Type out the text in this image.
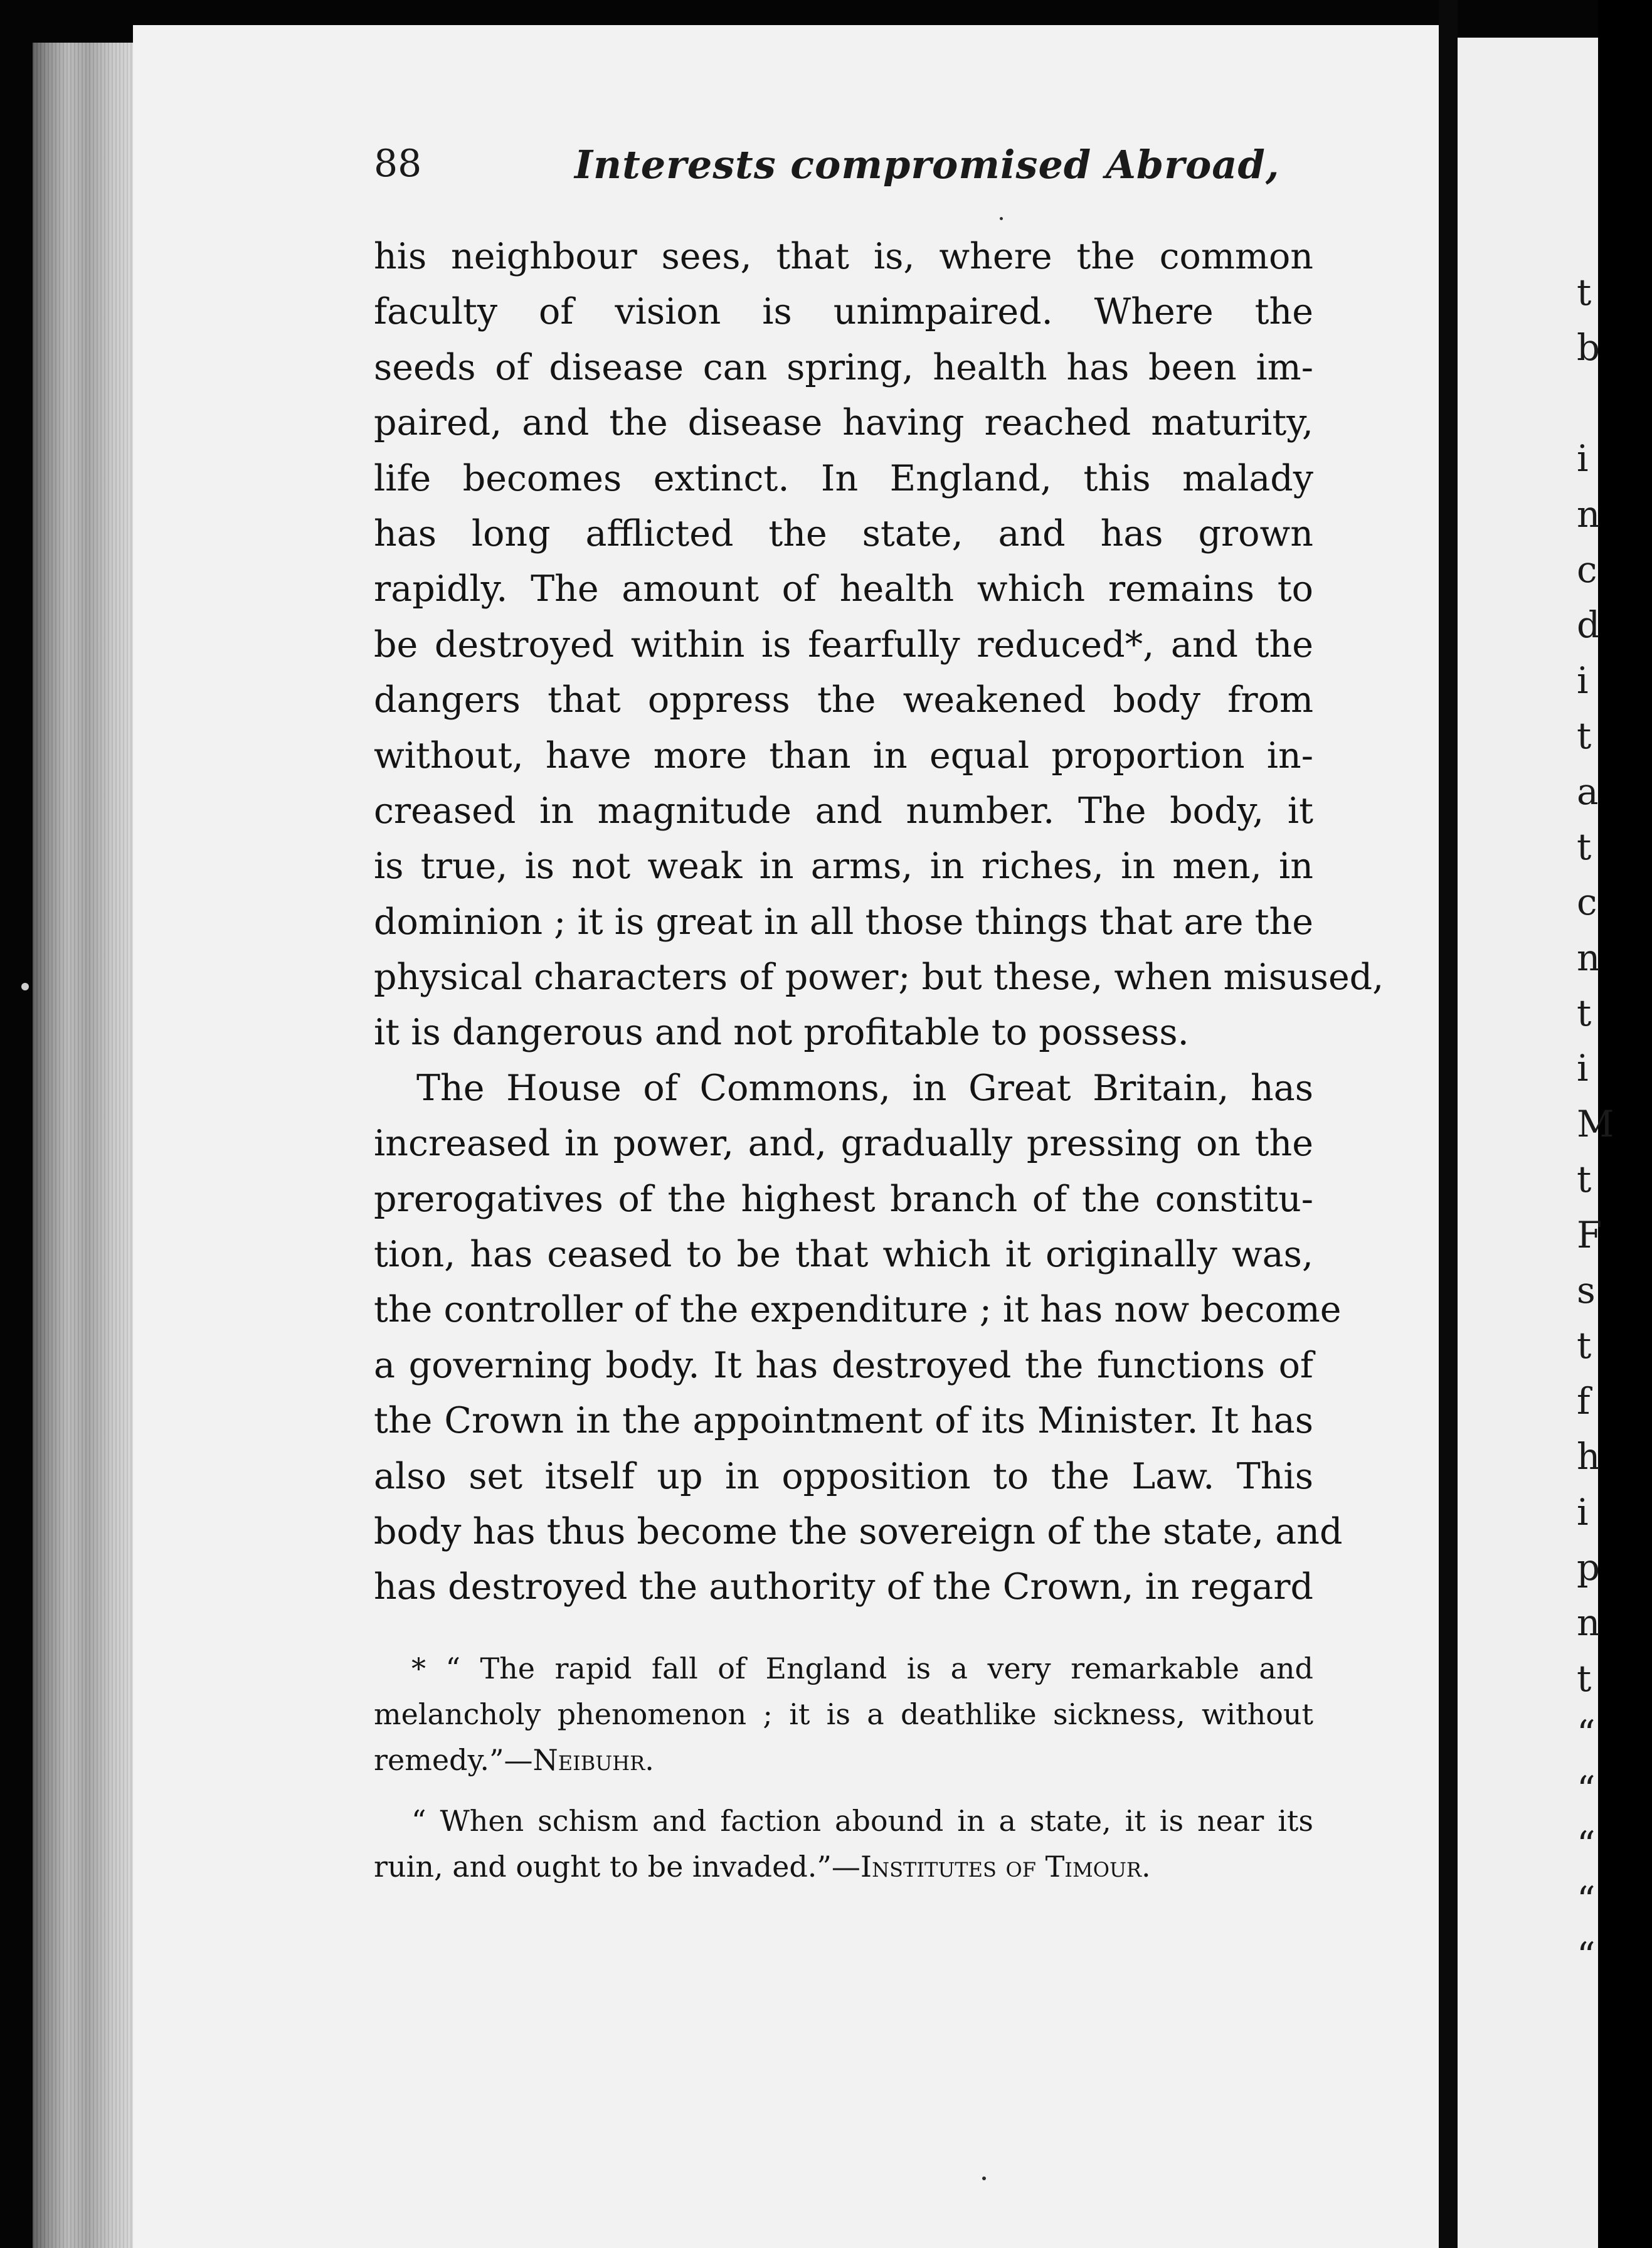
88	Interests compromised Abroad,
his neighbour sees, that is, where the common
faculty of vision is unimpaired. Where the
seeds of disease can spring, health has been im-
paired, and the disease having reached maturity,
life becomes extinct. In England, this malady
has long afflicted the state, and has grown
rapidly. The amount of health which remains to
be destroyed within is fearfully reduced*, and the
dangers that oppress the weakened body from
without, have more than in equal proportion in-
creased in magnitude and number. The body, it
is true, is not weak in arms, in riches, in men, in
dominion ; it is great in all those things that are the
physical characters of power; but these, when misused,
it is dangerous and not profitable to possess.
The House of Commons, in Great Britain, has
increased in power, and, gradually pressing on the
prerogatives of the highest branch of the constitu-
tion, has ceased to be that which it originally was,
the controller of the expenditure ; it has now become
a governing body. It has destroyed the functions of
the Crown in the appointment of its Minister. It has
also set itself up in opposition to the Law. This
body has thus become the sovereign of the state, and
has destroyed the authority of the Crown, in regard
* “ The rapid fall of England is a very remarkable and
melancholy phenomenon ; it is a deathlike sickness, without
remedy.”—Neibuhr.
“ When schism and faction abound in a state, it is near its
ruin, and ought to be invaded.”—Institutes of Timour.
t
b
i
n
c
d
i
t
a
t
c
n
t
i
M
t
F
s
t
f
h
i
p
n
t
“
“
“
“
“
